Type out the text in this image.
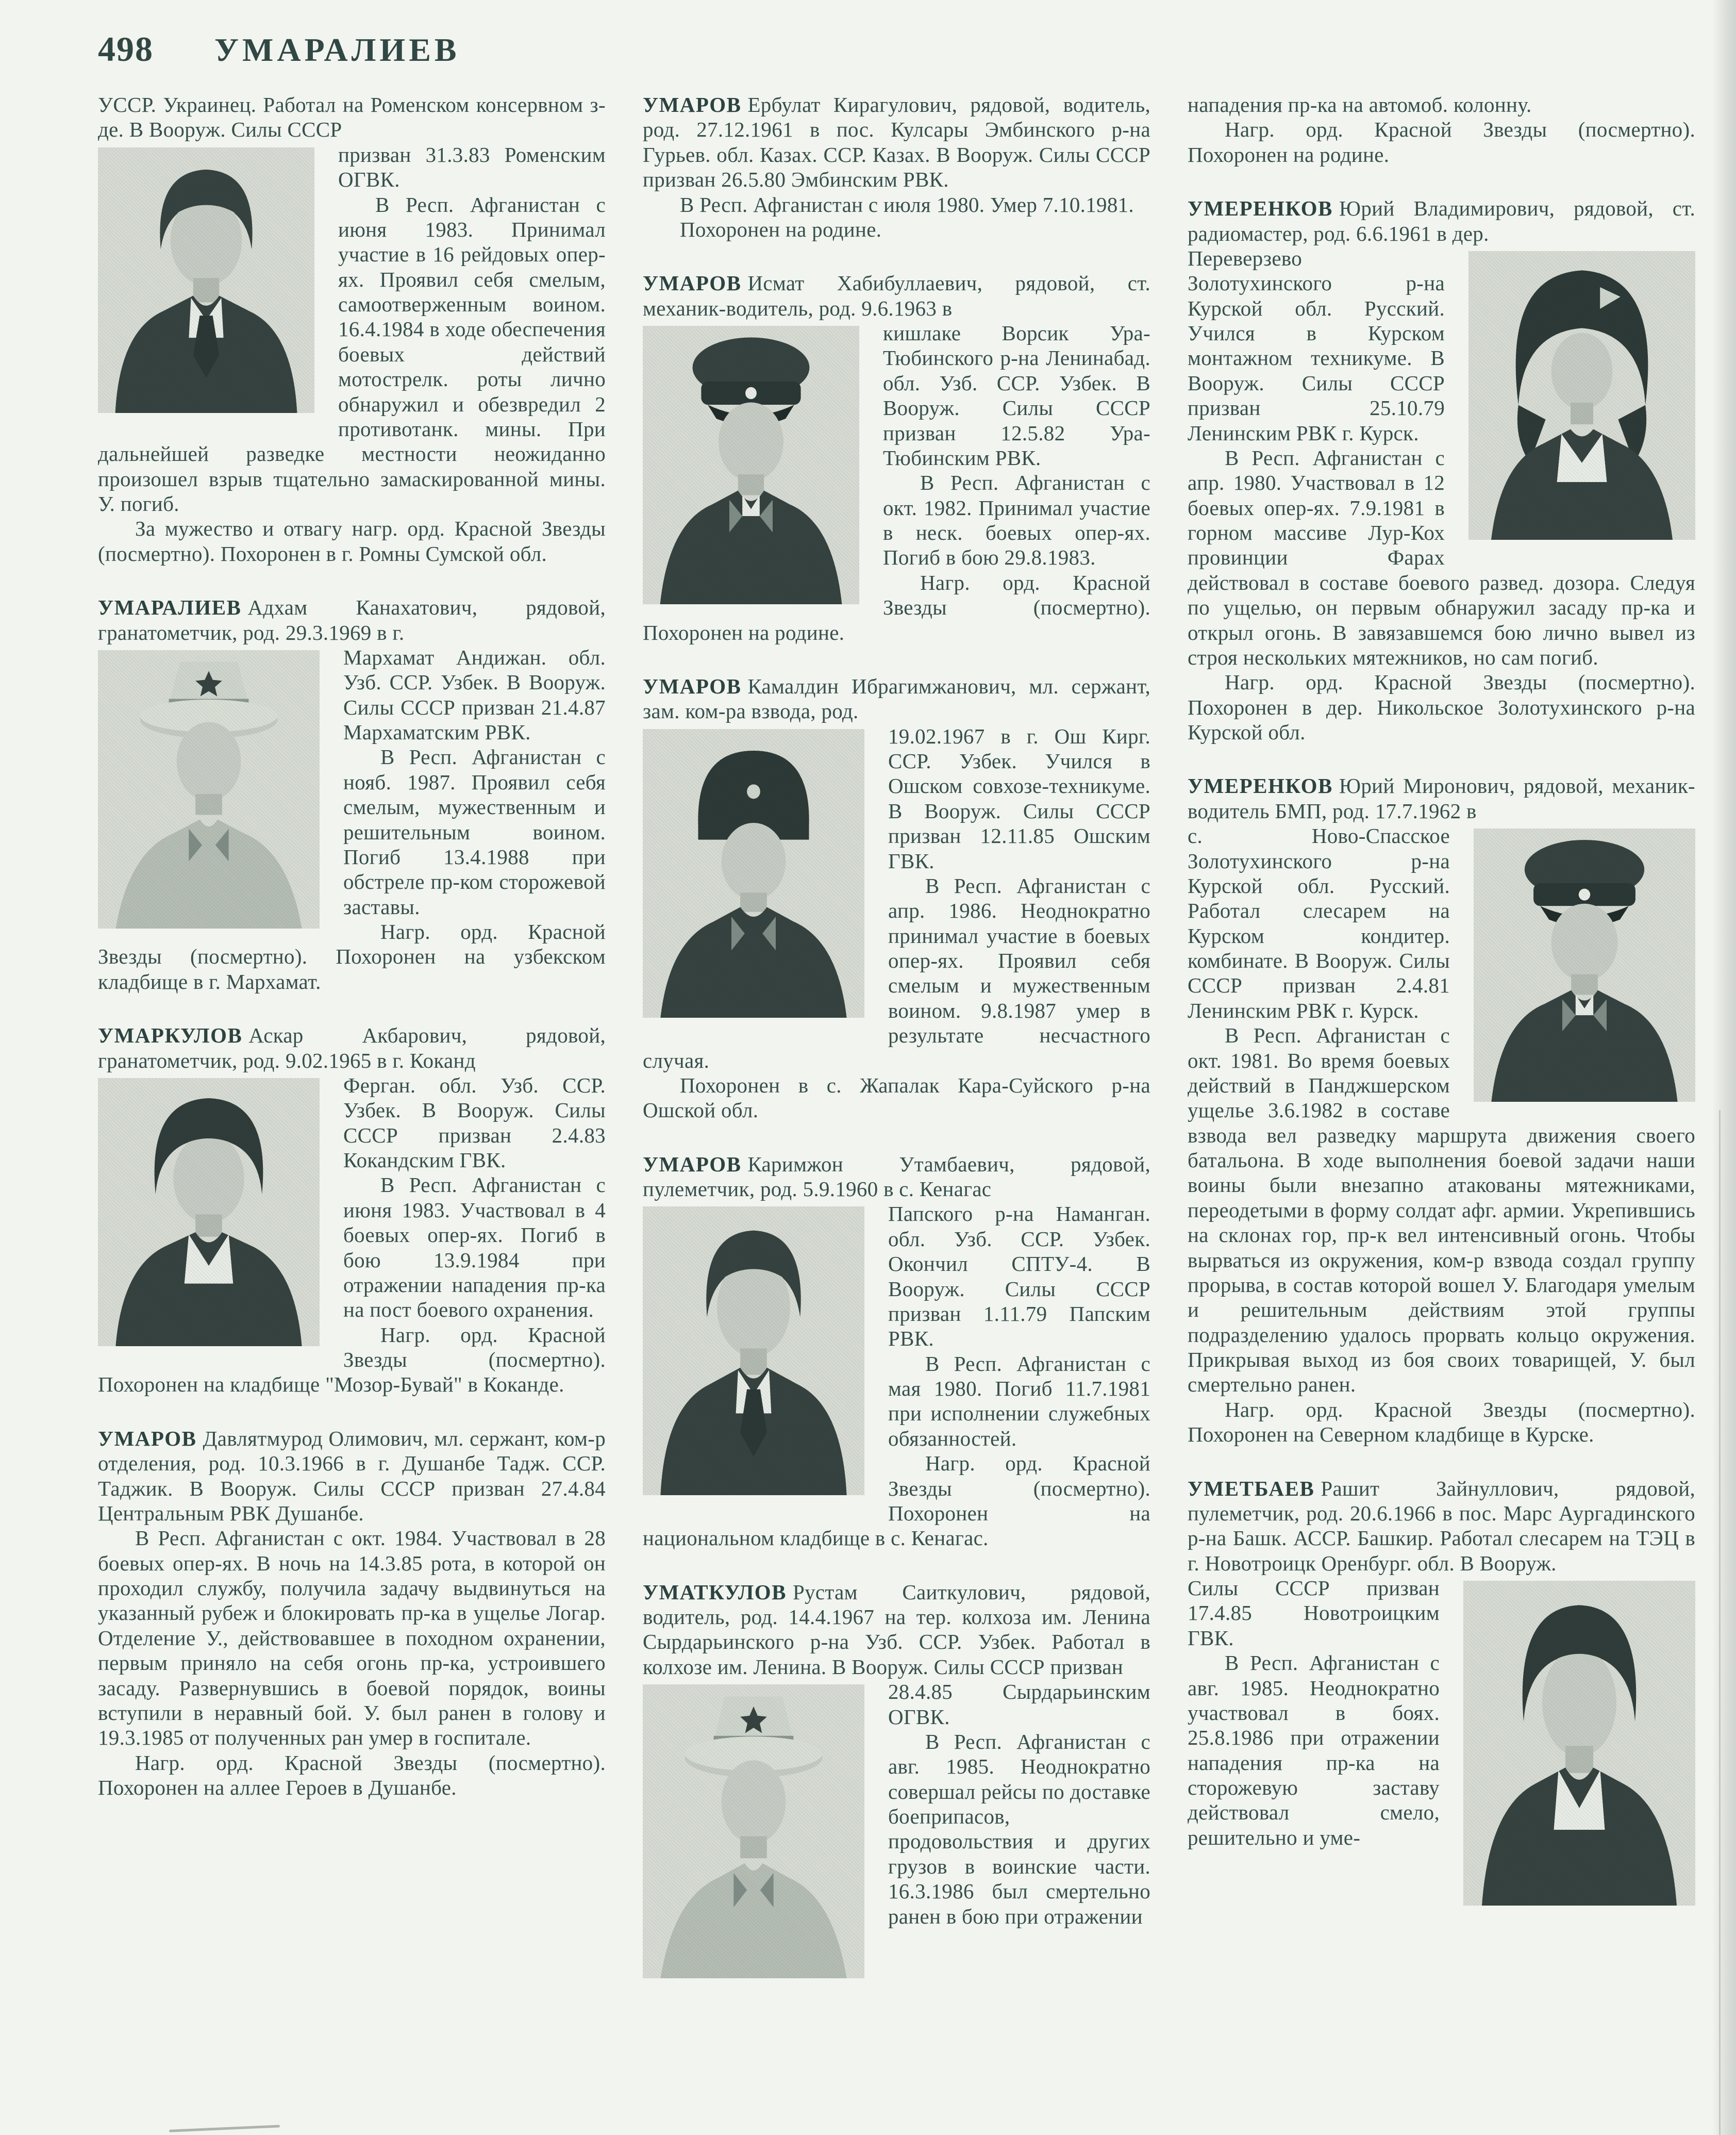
498 УМАРАЛИЕВ

УССР. Украинец. Работал на Роменском консервном з-де. В Вооруж. Силы СССР

призван 31.3.83 Роменским ОГВК.

В Респ. Афганистан с июня 1983. Принимал участие в 16 рейдовых опер-ях. Проявил себя смелым, самоотверженным воином. 16.4.1984 в ходе обеспечения боевых действий мотострелк. роты лично обнаружил и обезвредил 2 противотанк. мины. При дальнейшей разведке местности неожиданно произошел взрыв тщательно замаскированной мины. У. погиб.

За мужество и отвагу нагр. орд. Красной Звезды (посмертно). Похоронен в г. Ромны Сумской обл.

УМАРАЛИЕВ Адхам Канахатович, рядовой, гранатометчик, род. 29.3.1969 в г.

Мархамат Андижан. обл. Узб. ССР. Узбек. В Вооруж. Силы СССР призван 21.4.87 Мархаматским РВК.

В Респ. Афганистан с нояб. 1987. Проявил себя смелым, мужественным и решительным воином. Погиб 13.4.1988 при обстреле пр-ком сторожевой заставы.

Нагр. орд. Красной Звезды (посмертно). Похоронен на узбекском кладбище в г. Мархамат.

УМАРКУЛОВ Аскар Акбарович, рядовой, гранатометчик, род. 9.02.1965 в г. Коканд

Ферган. обл. Узб. ССР. Узбек. В Вооруж. Силы СССР призван 2.4.83 Кокандским ГВК.

В Респ. Афганистан с июня 1983. Участвовал в 4 боевых опер-ях. Погиб в бою 13.9.1984 при отражении нападения пр-ка на пост боевого охранения.

Нагр. орд. Красной Звезды (посмертно). Похоронен на кладбище "Мозор-Бувай" в Коканде.

УМАРОВ Давлятмурод Олимович, мл. сержант, ком-р отделения, род. 10.3.1966 в г. Душанбе Тадж. ССР. Таджик. В Вооруж. Силы СССР призван 27.4.84 Центральным РВК Душанбе.

В Респ. Афганистан с окт. 1984. Участвовал в 28 боевых опер-ях. В ночь на 14.3.85 рота, в которой он проходил службу, получила задачу выдвинуться на указанный рубеж и блокировать пр-ка в ущелье Логар. Отделение У., действовавшее в походном охранении, первым приняло на себя огонь пр-ка, устроившего засаду. Развернувшись в боевой порядок, воины вступили в неравный бой. У. был ранен в голову и 19.3.1985 от полученных ран умер в госпитале.

Нагр. орд. Красной Звезды (посмертно). Похоронен на аллее Героев в Душанбе.

УМАРОВ Ербулат Кирагулович, рядовой, водитель, род. 27.12.1961 в пос. Кулсары Эмбинского р-на Гурьев. обл. Казах. ССР. Казах. В Вооруж. Силы СССР призван 26.5.80 Эмбинским РВК.

В Респ. Афганистан с июля 1980. Умер 7.10.1981.

Похоронен на родине.

УМАРОВ Исмат Хабибуллаевич, рядовой, ст. механик-водитель, род. 9.6.1963 в

кишлаке Ворсик Ура-Тюбинского р-на Ленинабад. обл. Узб. ССР. Узбек. В Вооруж. Силы СССР призван 12.5.82 Ура-Тюбинским РВК.

В Респ. Афганистан с окт. 1982. Принимал участие в неск. боевых опер-ях. Погиб в бою 29.8.1983.

Нагр. орд. Красной Звезды (посмертно). Похоронен на родине.

УМАРОВ Камалдин Ибрагимжанович, мл. сержант, зам. ком-ра взвода, род.

19.02.1967 в г. Ош Кирг. ССР. Узбек. Учился в Ошском совхозе-техникуме. В Вооруж. Силы СССР призван 12.11.85 Ошским ГВК.

В Респ. Афганистан с апр. 1986. Неоднократно принимал участие в боевых опер-ях. Проявил себя смелым и мужественным воином. 9.8.1987 умер в результате несчастного случая.

Похоронен в с. Жапалак Кара-Суйского р-на Ошской обл.

УМАРОВ Каримжон Утамбаевич, рядовой, пулеметчик, род. 5.9.1960 в с. Кенагас

Папского р-на Наманган. обл. Узб. ССР. Узбек. Окончил СПТУ-4. В Вооруж. Силы СССР призван 1.11.79 Папским РВК.

В Респ. Афганистан с мая 1980. Погиб 11.7.1981 при исполнении служебных обязанностей.

Нагр. орд. Красной Звезды (посмертно). Похоронен на национальном кладбище в с. Кенагас.

УМАТКУЛОВ Рустам Саиткулович, рядовой, водитель, род. 14.4.1967 на тер. колхоза им. Ленина Сырдарьинского р-на Узб. ССР. Узбек. Работал в колхозе им. Ленина. В Вооруж. Силы СССР призван

28.4.85 Сырдарьинским ОГВК.

В Респ. Афганистан с авг. 1985. Неоднократно совершал рейсы по доставке боеприпасов, продовольствия и других грузов в воинские части. 16.3.1986 был смертельно ранен в бою при отражении

нападения пр-ка на автомоб. колонну.

Нагр. орд. Красной Звезды (посмертно). Похоронен на родине.

УМЕРЕНКОВ Юрий Владимирович, рядовой, ст. радиомастер, род. 6.6.1961 в дер.

Переверзево Золотухинского р-на Курской обл. Русский. Учился в Курском монтажном техникуме. В Вооруж. Силы СССР призван 25.10.79 Ленинским РВК г. Курск.

В Респ. Афганистан с апр. 1980. Участвовал в 12 боевых опер-ях. 7.9.1981 в горном массиве Лур-Кох провинции Фарах действовал в составе боевого развед. дозора. Следуя по ущелью, он первым обнаружил засаду пр-ка и открыл огонь. В завязавшемся бою лично вывел из строя нескольких мятежников, но сам погиб.

Нагр. орд. Красной Звезды (посмертно). Похоронен в дер. Никольское Золотухинского р-на Курской обл.

УМЕРЕНКОВ Юрий Миронович, рядовой, механик-водитель БМП, род. 17.7.1962 в

с. Ново-Спасское Золотухинского р-на Курской обл. Русский. Работал слесарем на Курском кондитер. комбинате. В Вооруж. Силы СССР призван 2.4.81 Ленинским РВК г. Курск.

В Респ. Афганистан с окт. 1981. Во время боевых действий в Панджшерском ущелье 3.6.1982 в составе взвода вел разведку маршрута движения своего батальона. В ходе выполнения боевой задачи наши воины были внезапно атакованы мятежниками, переодетыми в форму солдат афг. армии. Укрепившись на склонах гор, пр-к вел интенсивный огонь. Чтобы вырваться из окружения, ком-р взвода создал группу прорыва, в состав которой вошел У. Благодаря умелым и решительным действиям этой группы подразделению удалось прорвать кольцо окружения. Прикрывая выход из боя своих товарищей, У. был смертельно ранен.

Нагр. орд. Красной Звезды (посмертно). Похоронен на Северном кладбище в Курске.

УМЕТБАЕВ Рашит Зайнуллович, рядовой, пулеметчик, род. 20.6.1966 в пос. Марс Аургадинского р-на Башк. АССР. Башкир. Работал слесарем на ТЭЦ в г. Новотроицк Оренбург. обл. В Вооруж.

Силы СССР призван 17.4.85 Новотроицким ГВК.

В Респ. Афганистан с авг. 1985. Неоднократно участвовал в боях. 25.8.1986 при отражении нападения пр-ка на сторожевую заставу действовал смело, решительно и уме-
